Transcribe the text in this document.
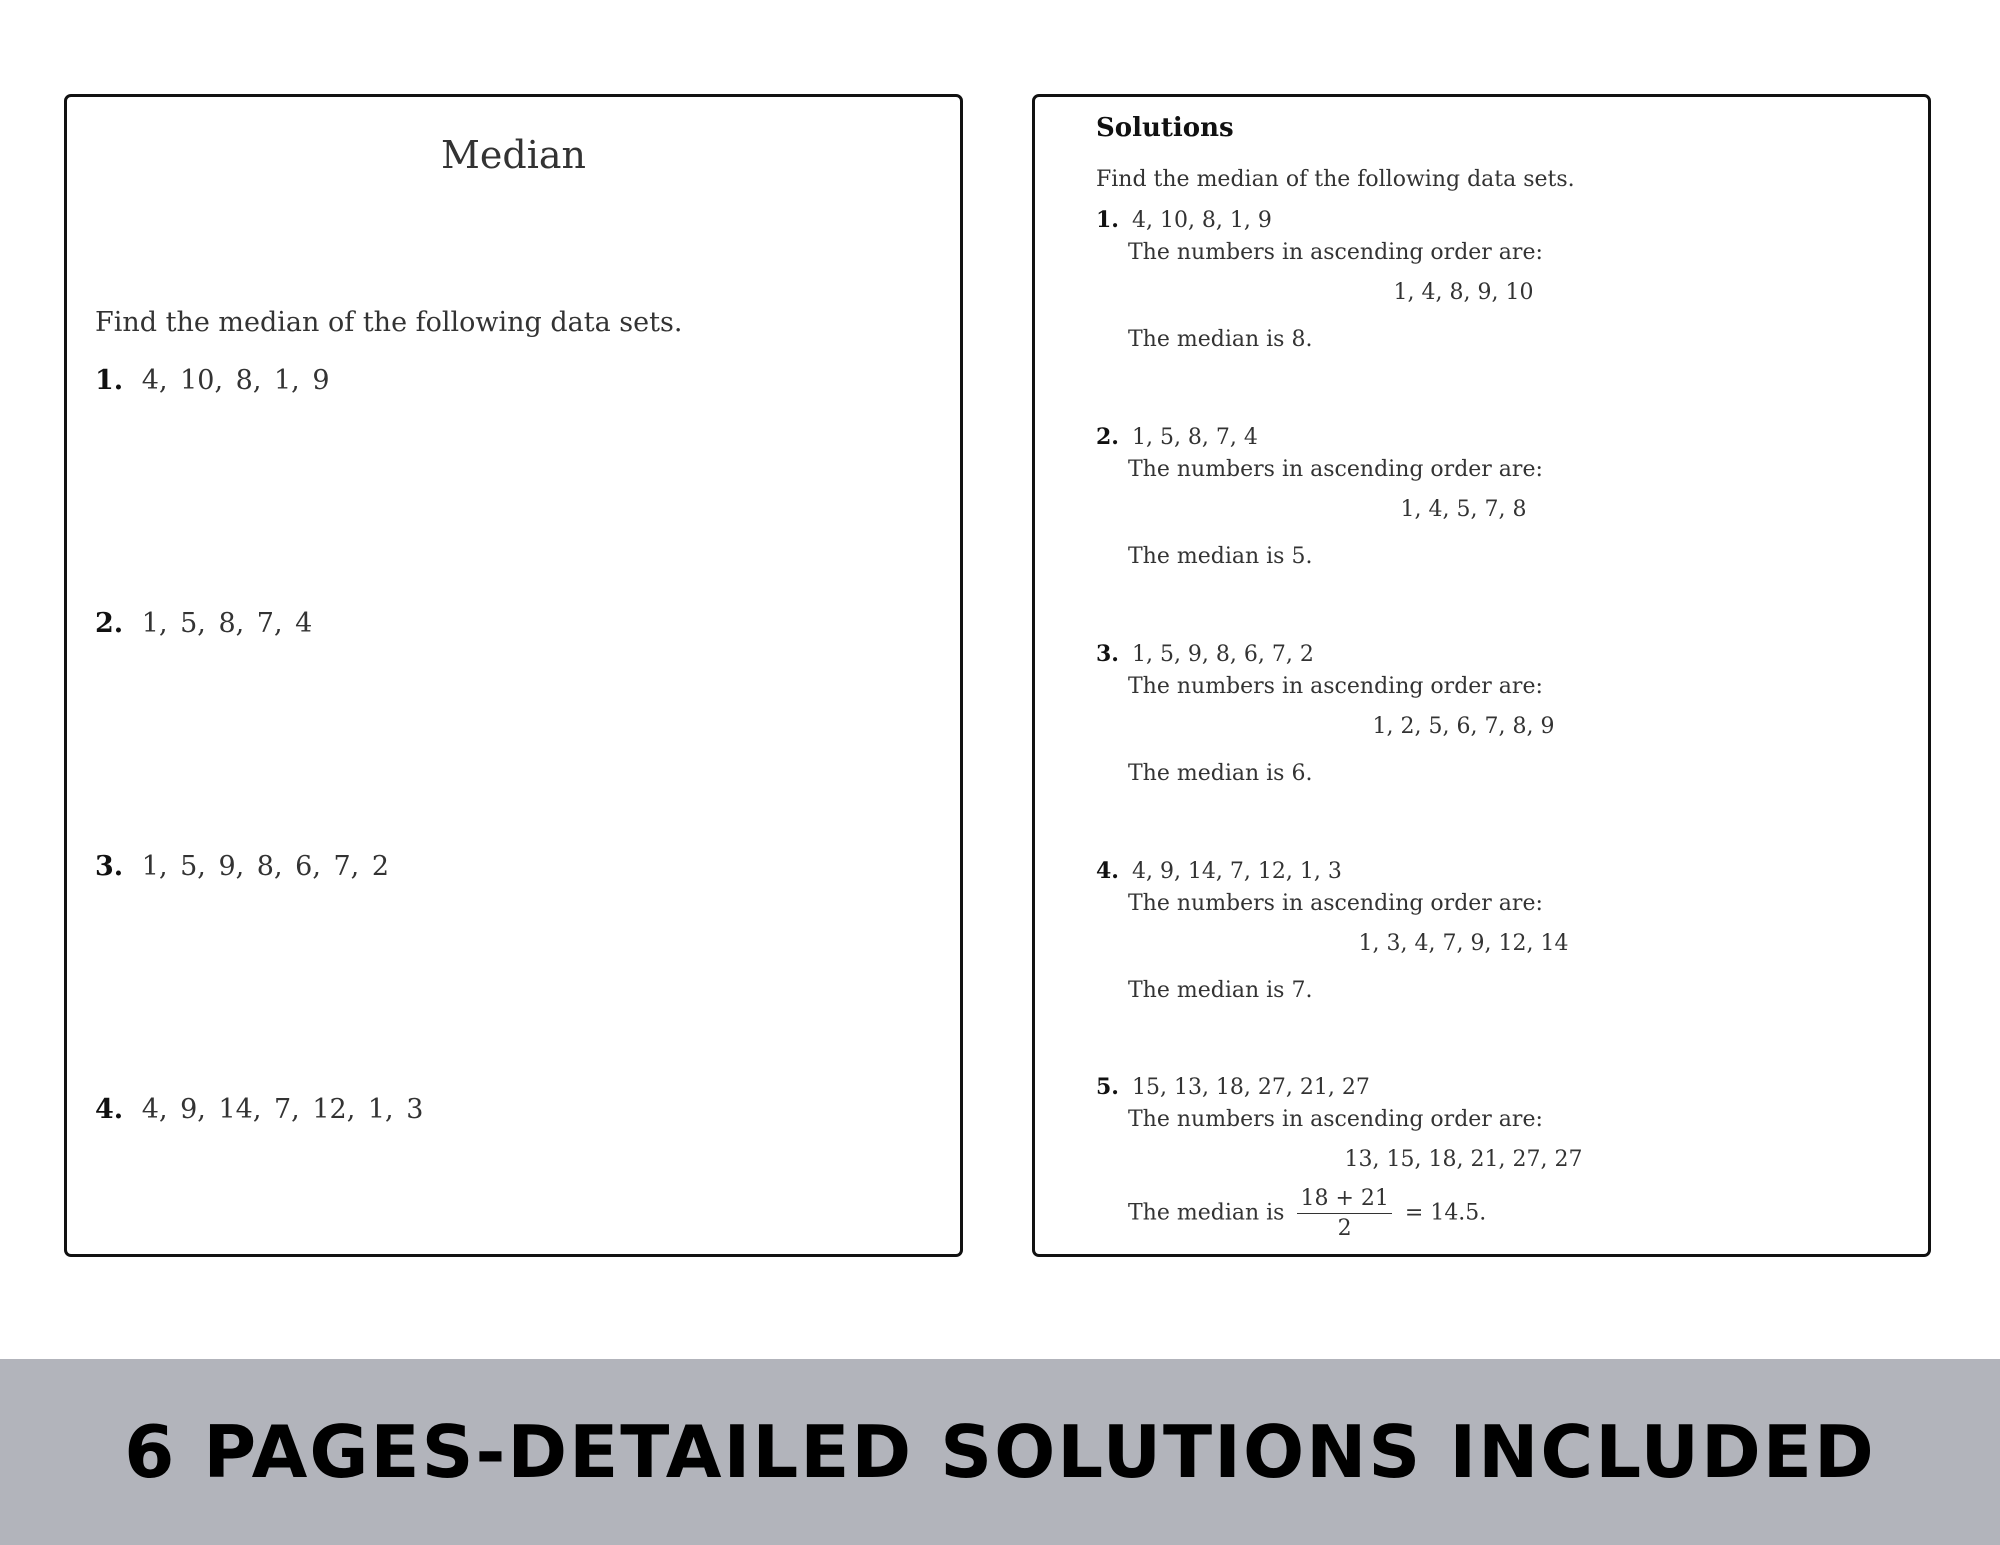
Median
Find the median of the following data sets.
1. 4, 10, 8, 1, 9
2. 1, 5, 8, 7, 4
3. 1, 5, 9, 8, 6, 7, 2
4. 4, 9, 14, 7, 12, 1, 3
Solutions
Find the median of the following data sets.
1. 4, 10, 8, 1, 9
The numbers in ascending order are:
1, 4, 8, 9, 10
The median is 8.
2. 1, 5, 8, 7, 4
The numbers in ascending order are:
1, 4, 5, 7, 8
The median is 5.
3. 1, 5, 9, 8, 6, 7, 2
The numbers in ascending order are:
1, 2, 5, 6, 7, 8, 9
The median is 6.
4. 4, 9, 14, 7, 12, 1, 3
The numbers in ascending order are:
1, 3, 4, 7, 9, 12, 14
The median is 7.
5. 15, 13, 18, 27, 21, 27
The numbers in ascending order are:
13, 15, 18, 21, 27, 27
The median is $\frac{18 + 21}{2} = 14.5$.
6 PAGES-DETAILED SOLUTIONS INCLUDED
